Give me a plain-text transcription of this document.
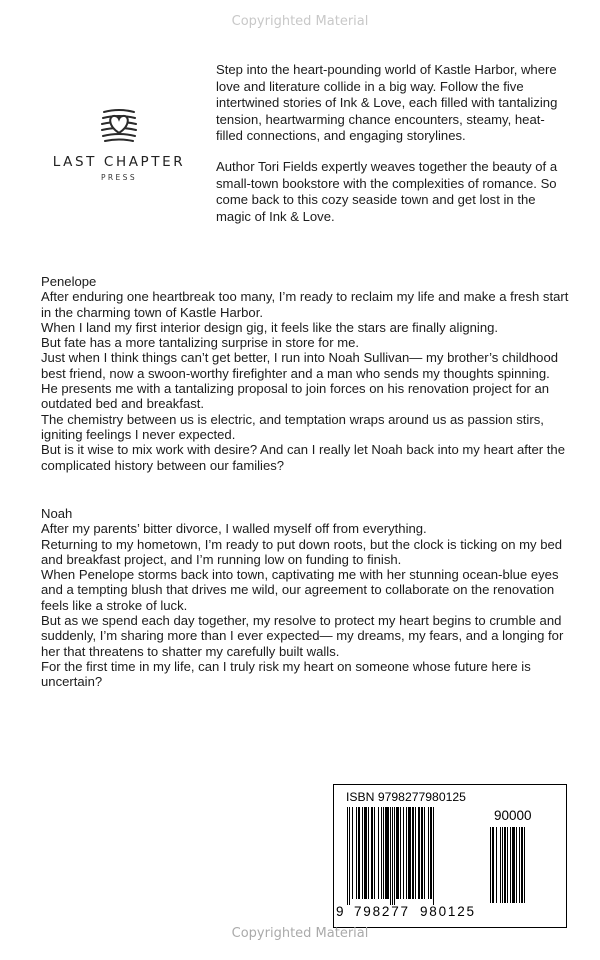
Copyrighted Material
LAST CHAPTER
PRESS

Step into the heart-pounding world of Kastle Harbor, where love and literature collide in a big way. Follow the five intertwined stories of Ink & Love, each filled with tantalizing tension, heartwarming chance encounters, steamy, heat-filled connections, and engaging storylines.

Author Tori Fields expertly weaves together the beauty of a small-town bookstore with the complexities of romance. So come back to this cozy seaside town and get lost in the magic of Ink & Love.

Penelope
After enduring one heartbreak too many, I’m ready to reclaim my life and make a fresh start in the charming town of Kastle Harbor.
When I land my first interior design gig, it feels like the stars are finally aligning.
But fate has a more tantalizing surprise in store for me.
Just when I think things can’t get better, I run into Noah Sullivan— my brother’s childhood best friend, now a swoon-worthy firefighter and a man who sends my thoughts spinning.
He presents me with a tantalizing proposal to join forces on his renovation project for an outdated bed and breakfast.
The chemistry between us is electric, and temptation wraps around us as passion stirs, igniting feelings I never expected.
But is it wise to mix work with desire? And can I really let Noah back into my heart after the complicated history between our families?
Noah
After my parents’ bitter divorce, I walled myself off from everything.
Returning to my hometown, I’m ready to put down roots, but the clock is ticking on my bed and breakfast project, and I’m running low on funding to finish.
When Penelope storms back into town, captivating me with her stunning ocean-blue eyes and a tempting blush that drives me wild, our agreement to collaborate on the renovation feels like a stroke of luck.
But as we spend each day together, my resolve to protect my heart begins to crumble and suddenly, I’m sharing more than I ever expected— my dreams, my fears, and a longing for her that threatens to shatter my carefully built walls.
For the first time in my life, can I truly risk my heart on someone whose future here is uncertain?
ISBN 9798277980125
90000
9 798277 980125
Copyrighted Material
